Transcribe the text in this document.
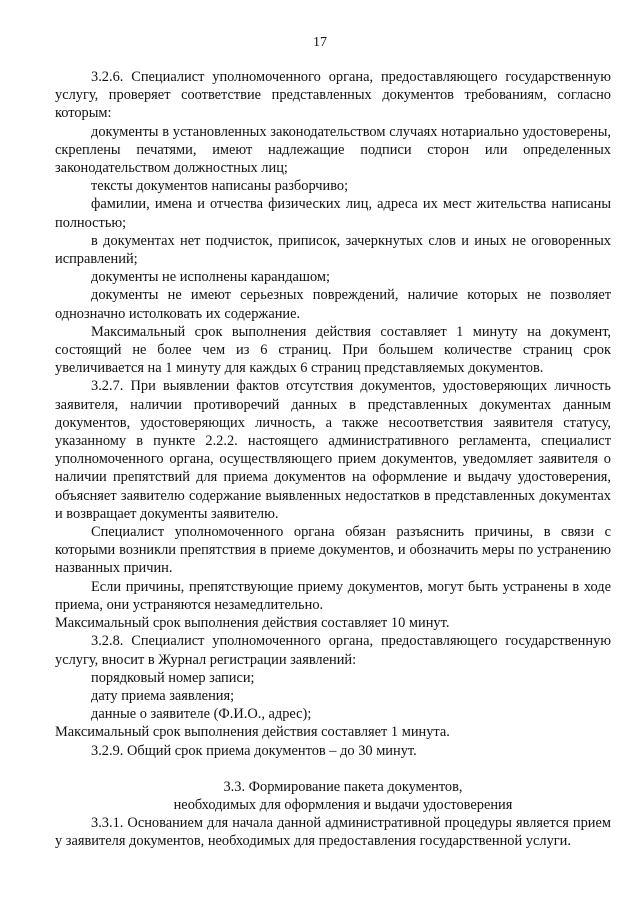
17

3.2.6. Специалист уполномоченного органа, предоставляющего государственную услугу, проверяет соответствие представленных документов требованиям, согласно которым:

документы в установленных законодательством случаях нотариально удостоверены, скреплены печатями, имеют надлежащие подписи сторон или определенных законодательством должностных лиц;

тексты документов написаны разборчиво;

фамилии, имена и отчества физических лиц, адреса их мест жительства написаны полностью;

в документах нет подчисток, приписок, зачеркнутых слов и иных не оговоренных исправлений;

документы не исполнены карандашом;

документы не имеют серьезных повреждений, наличие которых не позволяет однозначно истолковать их содержание.

Максимальный срок выполнения действия составляет 1 минуту на документ, состоящий не более чем из 6 страниц. При большем количестве страниц срок увеличивается на 1 минуту для каждых 6 страниц представляемых документов.

3.2.7. При выявлении фактов отсутствия документов, удостоверяющих личность заявителя, наличии противоречий данных в представленных документах данным документов, удостоверяющих личность, а также несоответствия заявителя статусу, указанному в пункте 2.2.2. настоящего административного регламента, специалист уполномоченного органа, осуществляющего прием документов, уведомляет заявителя о наличии препятствий для приема документов на оформление и выдачу удостоверения, объясняет заявителю содержание выявленных недостатков в представленных документах и возвращает документы заявителю.

Специалист уполномоченного органа обязан разъяснить причины, в связи с которыми возникли препятствия в приеме документов, и обозначить меры по устранению названных причин.

Если причины, препятствующие приему документов, могут быть устранены в ходе приема, они устраняются незамедлительно.

Максимальный срок выполнения действия составляет 10 минут.

3.2.8. Специалист уполномоченного органа, предоставляющего государственную услугу, вносит в Журнал регистрации заявлений:

порядковый номер записи;

дату приема заявления;

данные о заявителе (Ф.И.О., адрес);

Максимальный срок выполнения действия составляет 1 минута.

3.2.9. Общий срок приема документов – до 30 минут.

3.3. Формирование пакета документов,

необходимых для оформления и выдачи удостоверения

3.3.1. Основанием для начала данной административной процедуры является прием у заявителя документов, необходимых для предоставления государственной услуги.
